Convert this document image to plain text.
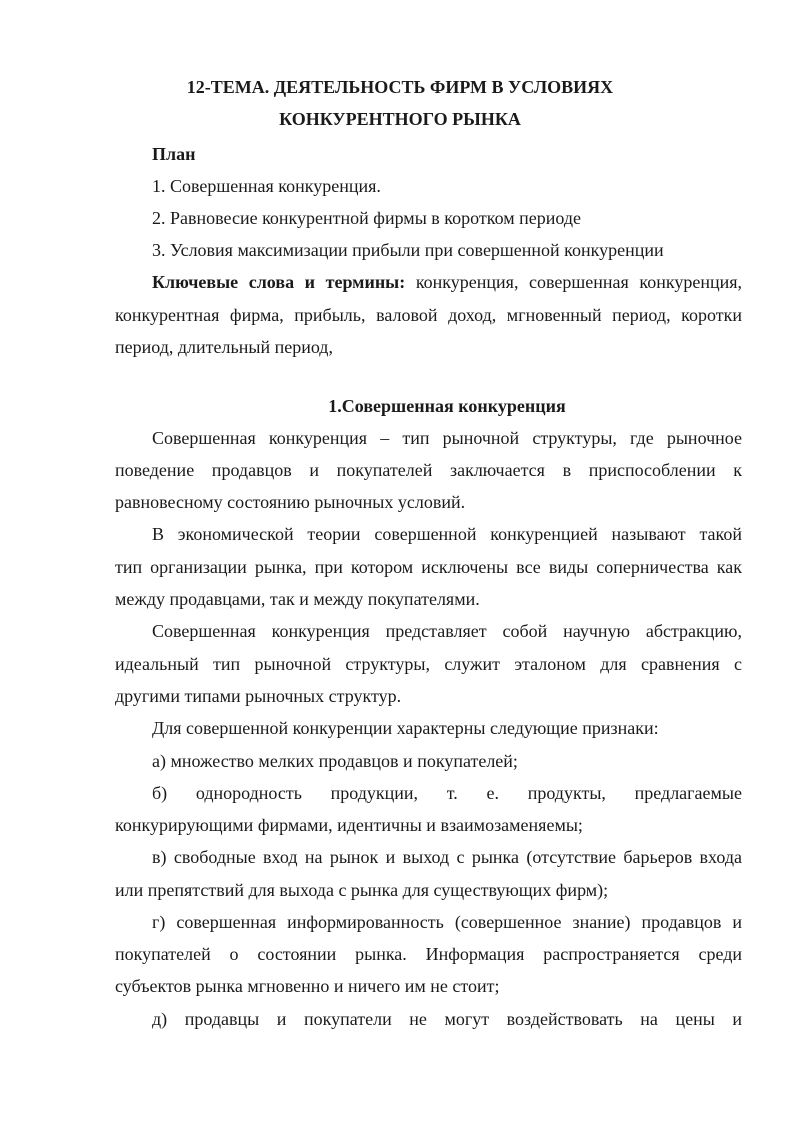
12-ТЕМА. ДЕЯТЕЛЬНОСТЬ ФИРМ В УСЛОВИЯХ
КОНКУРЕНТНОГО РЫНКА
План
1. Совершенная конкуренция.
2. Равновесие конкурентной фирмы в коротком периоде
3. Условия максимизации прибыли при совершенной конкуренции
Ключевые слова и термины: конкуренция, совершенная конкуренция,
конкурентная фирма, прибыль, валовой доход, мгновенный период, коротки
период, длительный период,
1.Совершенная конкуренция
Совершенная конкуренция – тип рыночной структуры, где рыночное
поведение продавцов и покупателей заключается в приспособлении к
равновесному состоянию рыночных условий.
В экономической теории совершенной конкуренцией называют такой
тип организации рынка, при котором исключены все виды соперничества как
между продавцами, так и между покупателями.
Совершенная конкуренция представляет собой научную абстракцию,
идеальный тип рыночной структуры, служит эталоном для сравнения с
другими типами рыночных структур.
Для совершенной конкуренции характерны следующие признаки:
а) множество мелких продавцов и покупателей;
б) однородность продукции, т. е. продукты, предлагаемые
конкурирующими фирмами, идентичны и взаимозаменяемы;
в) свободные вход на рынок и выход с рынка (отсутствие барьеров входа
или препятствий для выхода с рынка для существующих фирм);
г) совершенная информированность (совершенное знание) продавцов и
покупателей о состоянии рынка. Информация распространяется среди
субъектов рынка мгновенно и ничего им не стоит;
д) продавцы и покупатели не могут воздействовать на цены и
